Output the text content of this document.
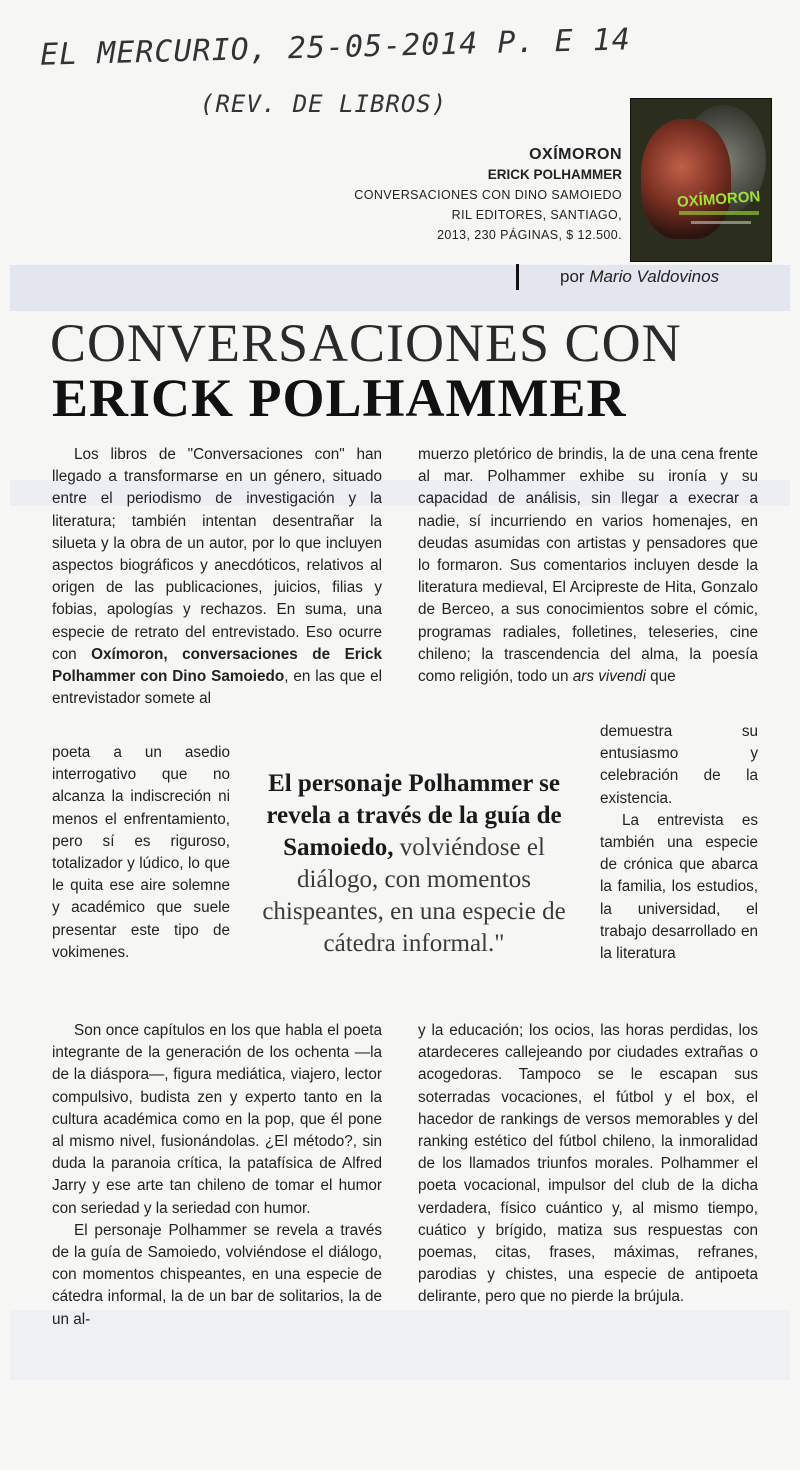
EL MERCURIO, 25-05-2014 P. E 14
(REV. DE LIBROS)
OXÍMORON
ERICK POLHAMMER
CONVERSACIONES CON DINO SAMOIEDO
RIL EDITORES, SANTIAGO,
2013, 230 PÁGINAS, $ 12.500.
OXÍMORON
por Mario Valdovinos
CONVERSACIONES CON
ERICK POLHAMMER

Los libros de "Conversaciones con" han llegado a transformarse en un género, situado entre el periodismo de investigación y la literatura; también intentan desentrañar la silueta y la obra de un autor, por lo que incluyen aspectos biográficos y anecdóticos, relativos al origen de las publicaciones, juicios, filias y fobias, apologías y rechazos. En suma, una especie de retrato del entrevistado. Eso ocurre con Oxímoron, conversaciones de Erick Polhammer con Dino Samoiedo, en las que el entrevistador somete al

poeta a un asedio interrogativo que no alcanza la indiscreción ni menos el enfrentamiento, pero sí es riguroso, totalizador y lúdico, lo que le quita ese aire solemne y académico que suele presentar este tipo de vokimenes.

Son once capítulos en los que habla el poeta integrante de la generación de los ochenta —la de la diáspora—, figura mediática, viajero, lector compulsivo, budista zen y experto tanto en la cultura académica como en la pop, que él pone al mismo nivel, fusionándolas. ¿El método?, sin duda la paranoia crítica, la patafísica de Alfred Jarry y ese arte tan chileno de tomar el humor con seriedad y la seriedad con humor.

El personaje Polhammer se revela a través de la guía de Samoiedo, volviéndose el diálogo, con momentos chispeantes, en una especie de cátedra informal, la de un bar de solitarios, la de un al-

muerzo pletórico de brindis, la de una cena frente al mar. Polhammer exhibe su ironía y su capacidad de análisis, sin llegar a execrar a nadie, sí incurriendo en varios homenajes, en deudas asumidas con artistas y pensadores que lo formaron. Sus comentarios incluyen desde la literatura medieval, El Arcipreste de Hita, Gonzalo de Berceo, a sus conocimientos sobre el cómic, programas radiales, folletines, teleseries, cine chileno; la trascendencia del alma, la poesía como religión, todo un ars vivendi que
demuestra su entusiasmo y celebración de la existencia.

La entrevista es también una especie de crónica que abarca la familia, los estudios, la universidad, el trabajo desarrollado en la literatura

y la educación; los ocios, las horas perdidas, los atardeceres callejeando por ciudades extrañas o acogedoras. Tampoco se le escapan sus soterradas vocaciones, el fútbol y el box, el hacedor de rankings de versos memorables y del ranking estético del fútbol chileno, la inmoralidad de los llamados triunfos morales. Polhammer el poeta vocacional, impulsor del club de la dicha verdadera, físico cuántico y, al mismo tiempo, cuático y brígido, matiza sus respuestas con poemas, citas, frases, máximas, refranes, parodias y chistes, una especie de antipoeta delirante, pero que no pierde la brújula.
El personaje Polhammer se revela a través de la guía de Samoiedo, volviéndose el diálogo, con momentos chispeantes, en una especie de cátedra informal."
